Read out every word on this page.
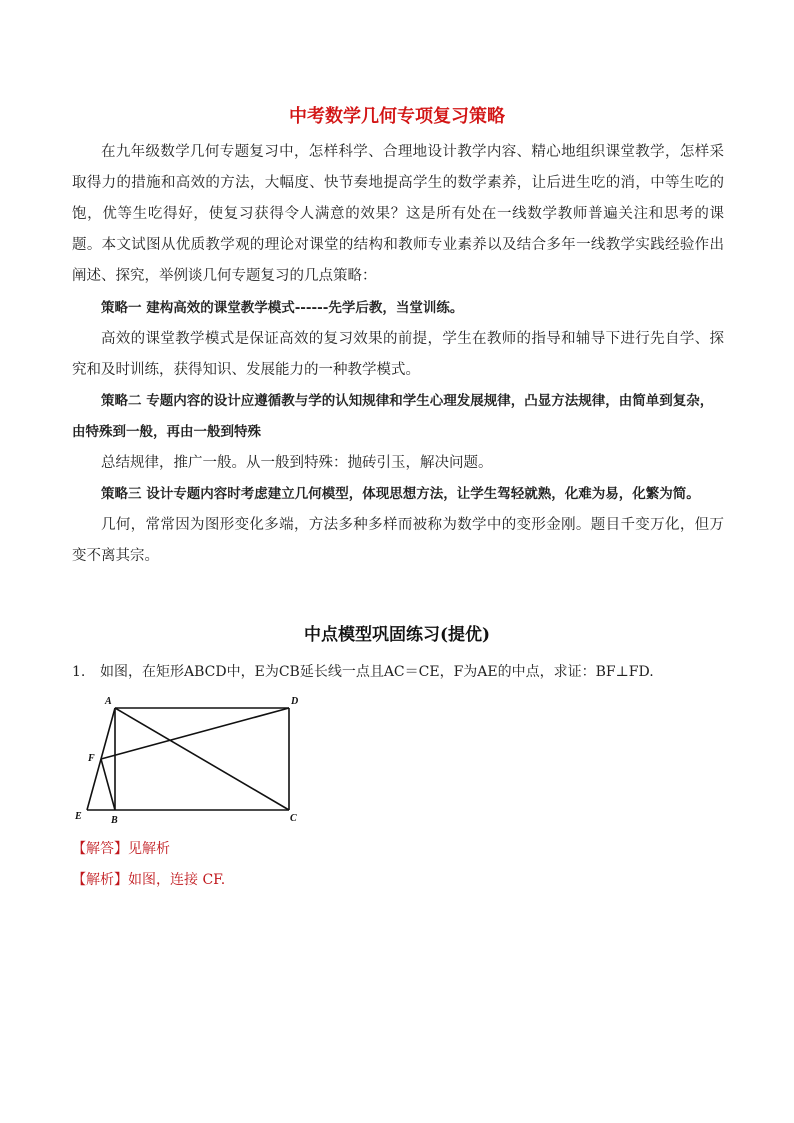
中考数学几何专项复习策略

在九年级数学几何专题复习中，怎样科学、合理地设计教学内容、精心地组织课堂教学，怎样采取得力的措施和高效的方法，大幅度、快节奏地提高学生的数学素养，让后进生吃的消，中等生吃的饱，优等生吃得好，使复习获得令人满意的效果？这是所有处在一线数学教师普遍关注和思考的课题。本文试图从优质教学观的理论对课堂的结构和教师专业素养以及结合多年一线教学实践经验作出阐述、探究，举例谈几何专题复习的几点策略：

策略一 建构高效的课堂教学模式------先学后教，当堂训练。

高效的课堂教学模式是保证高效的复习效果的前提，学生在教师的指导和辅导下进行先自学、探究和及时训练，获得知识、发展能力的一种教学模式。

策略二 专题内容的设计应遵循教与学的认知规律和学生心理发展规律，凸显方法规律，由简单到复杂，由特殊到一般，再由一般到特殊

总结规律，推广一般。从一般到特殊：抛砖引玉，解决问题。

策略三 设计专题内容时考虑建立几何模型，体现思想方法，让学生驾轻就熟，化难为易，化繁为简。

几何，常常因为图形变化多端，方法多种多样而被称为数学中的变形金刚。题目千变万化，但万变不离其宗。

中点模型巩固练习(提优)
1. 如图，在矩形ABCD中，E为CB延长线一点且AC＝CE，F为AE的中点，求证：BF⊥FD.
A	D
F
E	B	C
【解答】见解析
【解析】如图，连接 CF.
